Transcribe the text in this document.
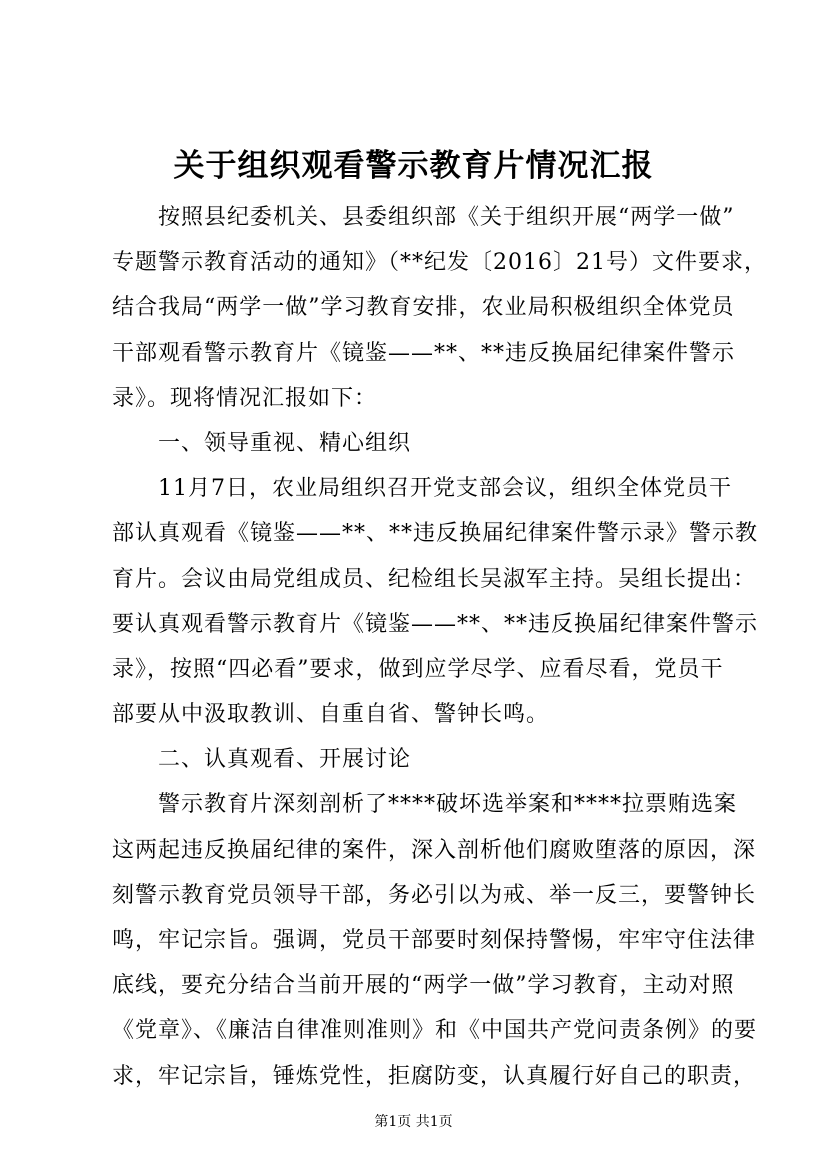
关于组织观看警示教育片情况汇报
按照县纪委机关、县委组织部《关于组织开展“两学一做”
专题警示教育活动的通知》（**纪发〔2016〕21号）文件要求，
结合我局“两学一做”学习教育安排，农业局积极组织全体党员
干部观看警示教育片《镜鉴——**、**违反换届纪律案件警示
录》。现将情况汇报如下：
一、领导重视、精心组织
11月7日，农业局组织召开党支部会议，组织全体党员干
部认真观看《镜鉴——**、**违反换届纪律案件警示录》警示教
育片。会议由局党组成员、纪检组长吴淑军主持。吴组长提出：
要认真观看警示教育片《镜鉴——**、**违反换届纪律案件警示
录》，按照“四必看”要求，做到应学尽学、应看尽看，党员干
部要从中汲取教训、自重自省、警钟长鸣。
二、认真观看、开展讨论
警示教育片深刻剖析了****破坏选举案和****拉票贿选案
这两起违反换届纪律的案件，深入剖析他们腐败堕落的原因，深
刻警示教育党员领导干部，务必引以为戒、举一反三，要警钟长
鸣，牢记宗旨。强调，党员干部要时刻保持警惕，牢牢守住法律
底线，要充分结合当前开展的“两学一做”学习教育，主动对照
《党章》、《廉洁自律准则准则》和《中国共产党问责条例》的要
求，牢记宗旨，锤炼党性，拒腐防变，认真履行好自己的职责，
第1页 共1页
